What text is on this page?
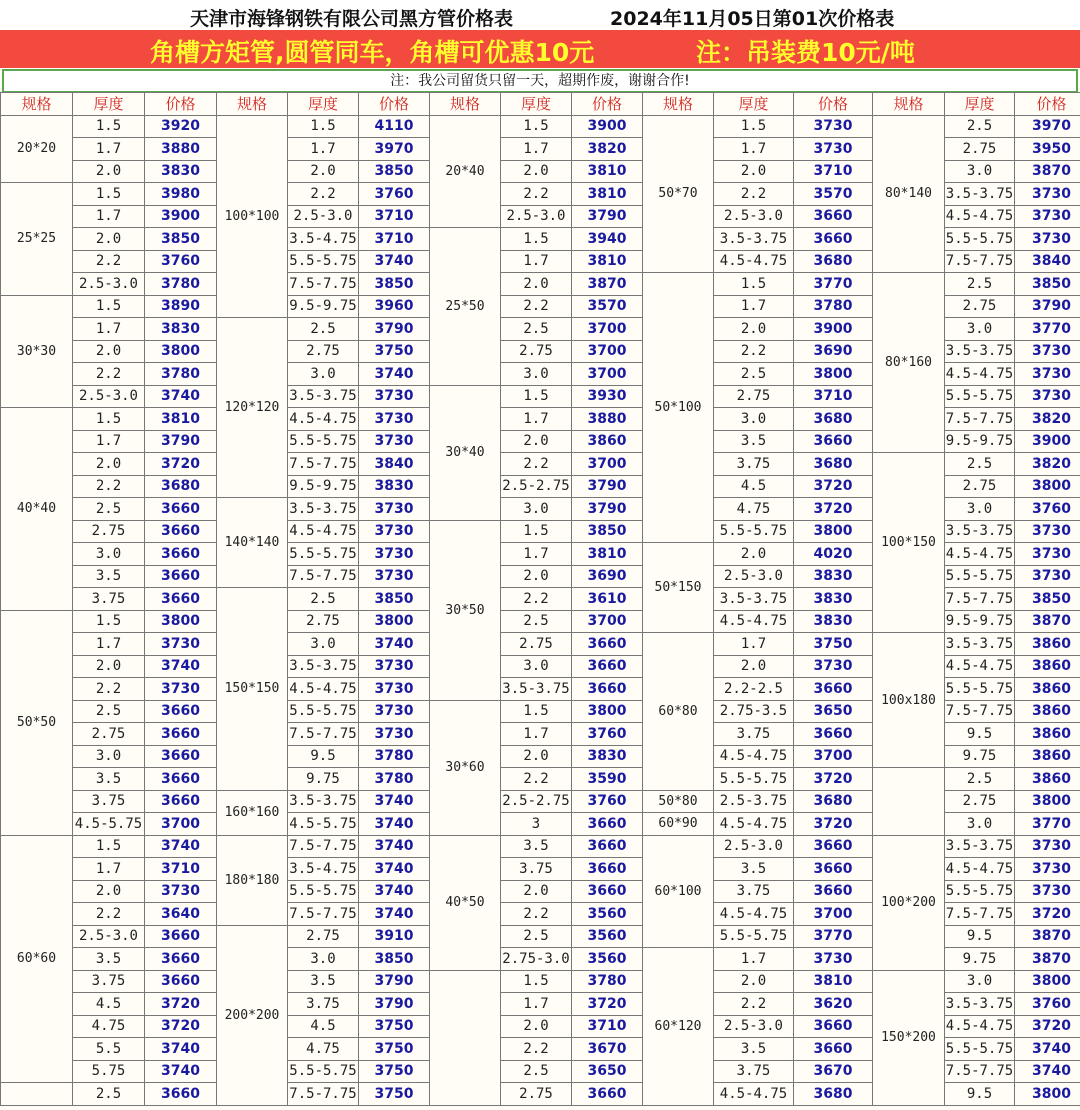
天津市海锋钢铁有限公司黑方管价格表	2024年11月05日第01次价格表
角槽方矩管,圆管同车，角槽可优惠10元	注：吊装费10元/吨
注：我公司留货只留一天，超期作废，谢谢合作!
规格	厚度	价格	规格	厚度	价格	规格	厚度	价格	规格	厚度	价格	规格	厚度	价格
20*20	1.5	3920	100*100	1.5	4110	20*40	1.5	3900	50*70	1.5	3730	80*140	2.5	3970
	1.7	3880		1.7	3970		1.7	3820		1.7	3730		2.75	3950
	2.0	3830		2.0	3850		2.0	3810		2.0	3710		3.0	3870
25*25	1.5	3980		2.2	3760		2.2	3810		2.2	3570		3.5-3.75	3730
	1.7	3900		2.5-3.0	3710		2.5-3.0	3790		2.5-3.0	3660		4.5-4.75	3730
	2.0	3850		3.5-4.75	3710	25*50	1.5	3940		3.5-3.75	3660		5.5-5.75	3730
	2.2	3760		5.5-5.75	3740		1.7	3810		4.5-4.75	3680		7.5-7.75	3840
	2.5-3.0	3780		7.5-7.75	3850		2.0	3870	50*100	1.5	3770	80*160	2.5	3850
30*30	1.5	3890		9.5-9.75	3960		2.2	3570		1.7	3780		2.75	3790
	1.7	3830	120*120	2.5	3790		2.5	3700		2.0	3900		3.0	3770
	2.0	3800		2.75	3750		2.75	3700		2.2	3690		3.5-3.75	3730
	2.2	3780		3.0	3740		3.0	3700		2.5	3800		4.5-4.75	3730
	2.5-3.0	3740		3.5-3.75	3730	30*40	1.5	3930		2.75	3710		5.5-5.75	3730
40*40	1.5	3810		4.5-4.75	3730		1.7	3880		3.0	3680		7.5-7.75	3820
	1.7	3790		5.5-5.75	3730		2.0	3860		3.5	3660		9.5-9.75	3900
	2.0	3720		7.5-7.75	3840		2.2	3700		3.75	3680	100*150	2.5	3820
	2.2	3680		9.5-9.75	3830		2.5-2.75	3790		4.5	3720		2.75	3800
	2.5	3660	140*140	3.5-3.75	3730		3.0	3790		4.75	3720		3.0	3760
	2.75	3660		4.5-4.75	3730	30*50	1.5	3850		5.5-5.75	3800		3.5-3.75	3730
	3.0	3660		5.5-5.75	3730		1.7	3810	50*150	2.0	4020		4.5-4.75	3730
	3.5	3660		7.5-7.75	3730		2.0	3690		2.5-3.0	3830		5.5-5.75	3730
	3.75	3660	150*150	2.5	3850		2.2	3610		3.5-3.75	3830		7.5-7.75	3850
50*50	1.5	3800		2.75	3800		2.5	3700		4.5-4.75	3830		9.5-9.75	3870
	1.7	3730		3.0	3740		2.75	3660	60*80	1.7	3750	100x180	3.5-3.75	3860
	2.0	3740		3.5-3.75	3730		3.0	3660		2.0	3730		4.5-4.75	3860
	2.2	3730		4.5-4.75	3730		3.5-3.75	3660		2.2-2.5	3660		5.5-5.75	3860
	2.5	3660		5.5-5.75	3730	30*60	1.5	3800		2.75-3.5	3650		7.5-7.75	3860
	2.75	3660		7.5-7.75	3730		1.7	3760		3.75	3660		9.5	3860
	3.0	3660		9.5	3780		2.0	3830		4.5-4.75	3700		9.75	3860
	3.5	3660		9.75	3780		2.2	3590		5.5-5.75	3720		2.5	3860
	3.75	3660	160*160	3.5-3.75	3740		2.5-2.75	3760	50*80	2.5-3.75	3680		2.75	3800
	4.5-5.75	3700		4.5-5.75	3740		3	3660	60*90	4.5-4.75	3720		3.0	3770
60*60	1.5	3740	180*180	7.5-7.75	3740	40*50	3.5	3660	60*100	2.5-3.0	3660	100*200	3.5-3.75	3730
	1.7	3710		3.5-4.75	3740		3.75	3660		3.5	3660		4.5-4.75	3730
	2.0	3730		5.5-5.75	3740		2.0	3660		3.75	3660		5.5-5.75	3730
	2.2	3640		7.5-7.75	3740		2.2	3560		4.5-4.75	3700		7.5-7.75	3720
	2.5-3.0	3660	200*200	2.75	3910		2.5	3560		5.5-5.75	3770		9.5	3870
	3.5	3660		3.0	3850		2.75-3.0	3560	60*120	1.7	3730		9.75	3870
	3.75	3660		3.5	3790		1.5	3780		2.0	3810	150*200	3.0	3800
	4.5	3720		3.75	3790		1.7	3720		2.2	3620		3.5-3.75	3760
	4.75	3720		4.5	3750		2.0	3710		2.5-3.0	3660		4.5-4.75	3720
	5.5	3740		4.75	3750		2.2	3670		3.5	3660		5.5-5.75	3740
	5.75	3740		5.5-5.75	3750		2.5	3650		3.75	3670		7.5-7.75	3740
	2.5	3660		7.5-7.75	3750		2.75	3660		4.5-4.75	3680		9.5	3800
